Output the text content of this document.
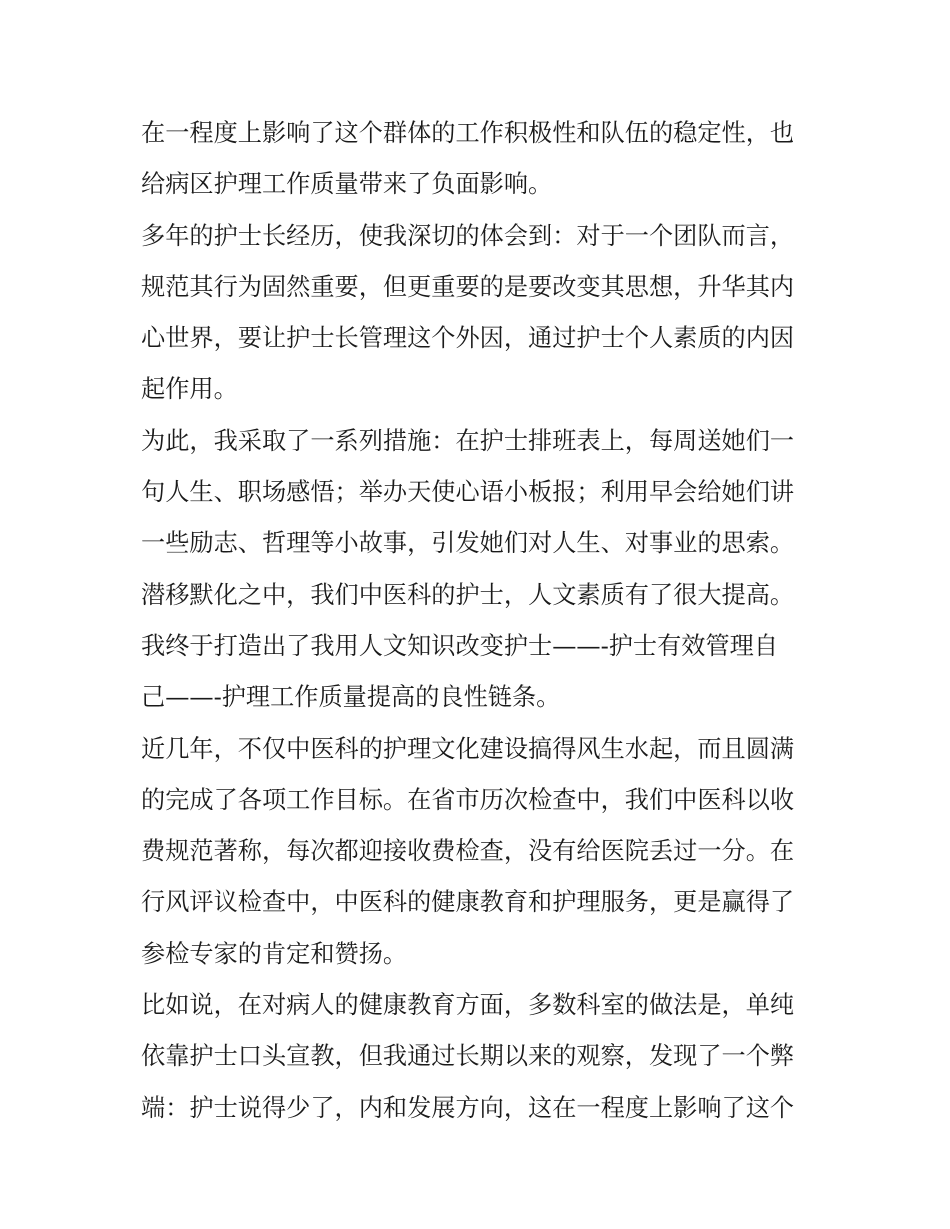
在一程度上影响了这个群体的工作积极性和队伍的稳定性，也
给病区护理工作质量带来了负面影响。
多年的护士长经历，使我深切的体会到：对于一个团队而言，
规范其行为固然重要，但更重要的是要改变其思想，升华其内
心世界，要让护士长管理这个外因，通过护士个人素质的内因
起作用。
为此，我采取了一系列措施：在护士排班表上，每周送她们一
句人生、职场感悟；举办天使心语小板报；利用早会给她们讲
一些励志、哲理等小故事，引发她们对人生、对事业的思索。
潜移默化之中，我们中医科的护士，人文素质有了很大提高。
我终于打造出了我用人文知识改变护士——-护士有效管理自
己——-护理工作质量提高的良性链条。
近几年，不仅中医科的护理文化建设搞得风生水起，而且圆满
的完成了各项工作目标。在省市历次检查中，我们中医科以收
费规范著称，每次都迎接收费检查，没有给医院丢过一分。在
行风评议检查中，中医科的健康教育和护理服务，更是赢得了
参检专家的肯定和赞扬。
比如说，在对病人的健康教育方面，多数科室的做法是，单纯
依靠护士口头宣教，但我通过长期以来的观察，发现了一个弊
端：护士说得少了，内和发展方向，这在一程度上影响了这个
